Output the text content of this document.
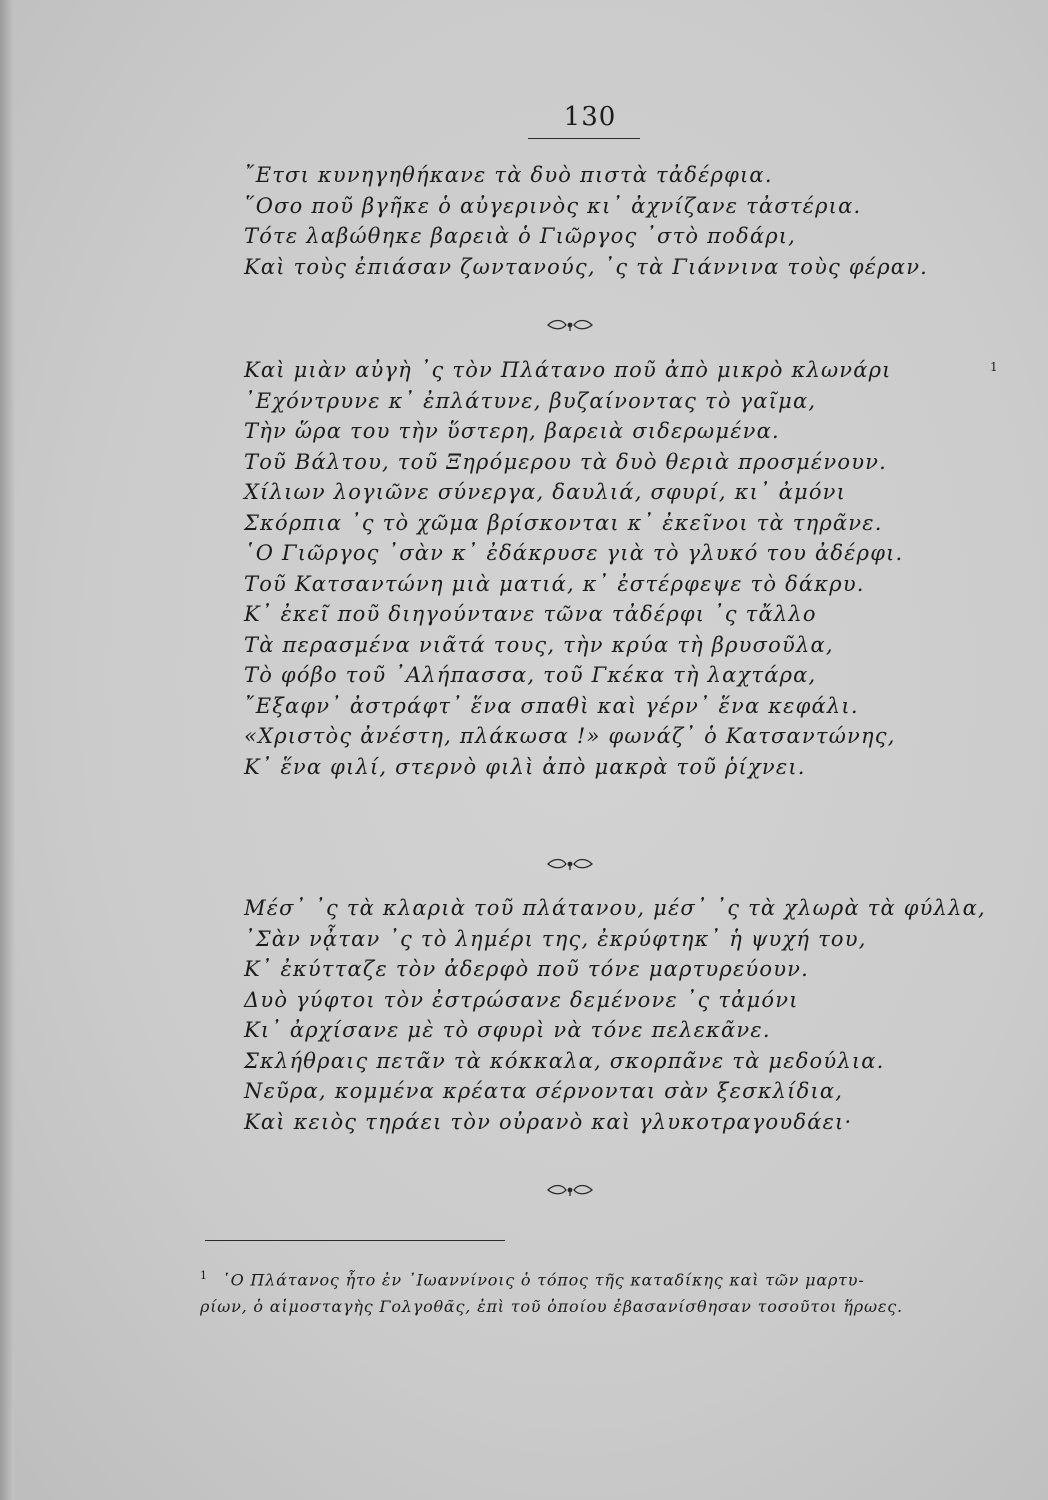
130
῎Ετσι κυνηγηθήκανε τὰ δυὸ πιστὰ τἀδέρφια.
῞Οσο ποῦ βγῆκε ὁ αὐγερινὸς κι᾿ ἀχνίζανε τἀστέρια.
Τότε λαβώθηκε βαρειὰ ὁ Γιῶργος ᾿στὸ ποδάρι,
Καὶ τοὺς ἐπιάσαν ζωντανούς, ᾿ς τὰ Γιάννινα τοὺς φέραν.
Καὶ μιὰν αὐγὴ ᾿ς τὸν Πλάτανο ποῦ ἀπὸ μικρὸ κλωνάρι
᾿Εχόντρυνε κ᾿ ἐπλάτυνε, βυζαίνοντας τὸ γαῖμα,
Τὴν ὥρα του τὴν ὕστερη, βαρειὰ σιδερωμένα.
Τοῦ Βάλτου, τοῦ Ξηρόμερου τὰ δυὸ θεριὰ προσμένουν.
Χίλιων λογιῶνε σύνεργα, δαυλιά, σφυρί, κι᾿ ἀμόνι
Σκόρπια ᾿ς τὸ χῶμα βρίσκονται κ᾿ ἐκεῖνοι τὰ τηρᾶνε.
῾Ο Γιῶργος ᾿σὰν κ᾿ ἐδάκρυσε γιὰ τὸ γλυκό του ἀδέρφι.
Τοῦ Κατσαντώνη μιὰ ματιά, κ᾿ ἐστέρφεψε τὸ δάκρυ.
Κ᾿ ἐκεῖ ποῦ διηγούντανε τῶνα τἀδέρφι ᾿ς τἄλλο
Τὰ περασμένα νιᾶτά τους, τὴν κρύα τὴ βρυσοῦλα,
Τὸ φόβο τοῦ ᾿Αλήπασσα, τοῦ Γκέκα τὴ λαχτάρα,
῎Εξαφν᾿ ἀστράφτ᾿ ἕνα σπαθὶ καὶ γέρν᾿ ἕνα κεφάλι.
«Χριστὸς ἀνέστη, πλάκωσα !» φωνάζ᾿ ὁ Κατσαντώνης,
Κ᾿ ἕνα φιλί, στερνὸ φιλὶ ἀπὸ μακρὰ τοῦ ῥίχνει.
1
Μέσ᾿ ᾿ς τὰ κλαριὰ τοῦ πλάτανου, μέσ᾿ ᾿ς τὰ χλωρὰ τὰ φύλλα,
᾿Σὰν νᾆταν ᾿ς τὸ λημέρι της, ἐκρύφτηκ᾿ ἡ ψυχή του,
Κ᾿ ἐκύτταζε τὸν ἀδερφὸ ποῦ τόνε μαρτυρεύουν.
Δυὸ γύφτοι τὸν ἐστρώσανε δεμένονε ᾿ς τἀμόνι
Κι᾿ ἀρχίσανε μὲ τὸ σφυρὶ νὰ τόνε πελεκᾶνε.
Σκλήθραις πετᾶν τὰ κόκκαλα, σκορπᾶνε τὰ μεδούλια.
Νεῦρα, κομμένα κρέατα σέρνονται σὰν ξεσκλίδια,
Καὶ κειὸς τηράει τὸν οὐρανὸ καὶ γλυκοτραγουδάει·
$^1$ ῾Ο Πλάτανος ἦτο ἐν ᾿Ιωαννίνοις ὁ τόπος τῆς καταδίκης καὶ τῶν μαρτυ-
ρίων, ὁ αἱμοσταγὴς Γολγοθᾶς, ἐπὶ τοῦ ὁποίου ἐβασανίσθησαν τοσοῦτοι ἥρωες.
